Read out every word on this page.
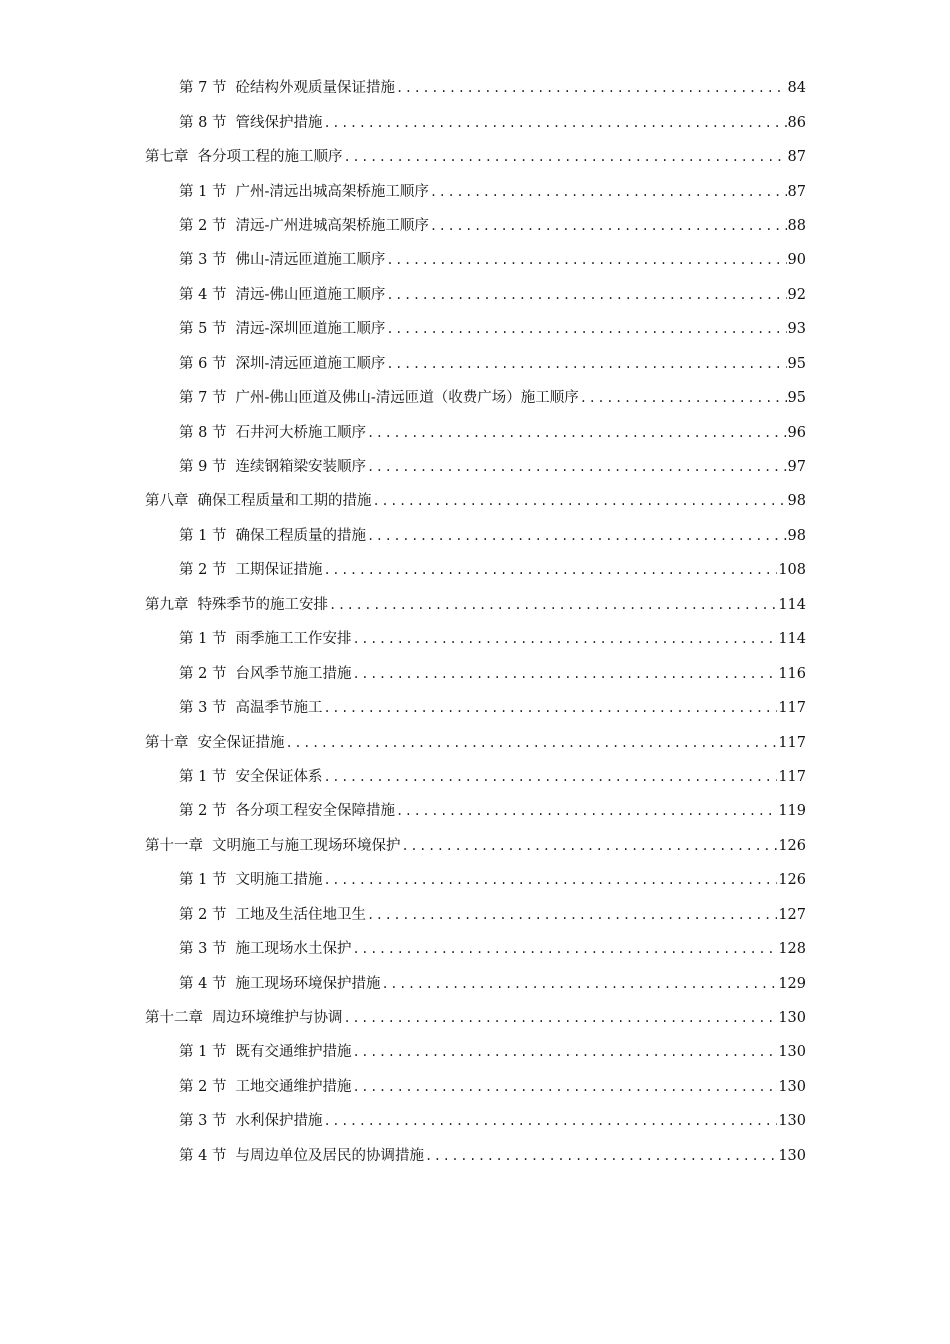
第 7 节 砼结构外观质量保证措施 .....	84
第 8 节 管线保护措施 .....	86
第七章 各分项工程的施工顺序 .....	87
第 1 节 广州-清远出城高架桥施工顺序 .....	87
第 2 节 清远-广州进城高架桥施工顺序 .....	88
第 3 节 佛山-清远匝道施工顺序 .....	90
第 4 节 清远-佛山匝道施工顺序 .....	92
第 5 节 清远-深圳匝道施工顺序 .....	93
第 6 节 深圳-清远匝道施工顺序 .....	95
第 7 节 广州-佛山匝道及佛山-清远匝道（收费广场）施工顺序 .....	95
第 8 节 石井河大桥施工顺序 .....	96
第 9 节 连续钢箱梁安装顺序 .....	97
第八章 确保工程质量和工期的措施 .....	98
第 1 节 确保工程质量的措施 .....	98
第 2 节 工期保证措施 .....	108
第九章 特殊季节的施工安排 .....	114
第 1 节 雨季施工工作安排 .....	114
第 2 节 台风季节施工措施 .....	116
第 3 节 高温季节施工 .....	117
第十章 安全保证措施 .....	117
第 1 节 安全保证体系 .....	117
第 2 节 各分项工程安全保障措施 .....	119
第十一章 文明施工与施工现场环境保护 .....	126
第 1 节 文明施工措施 .....	126
第 2 节 工地及生活住地卫生 .....	127
第 3 节 施工现场水土保护 .....	128
第 4 节 施工现场环境保护措施 .....	129
第十二章 周边环境维护与协调 .....	130
第 1 节 既有交通维护措施 .....	130
第 2 节 工地交通维护措施 .....	130
第 3 节 水利保护措施 .....	130
第 4 节 与周边单位及居民的协调措施 .....	130
